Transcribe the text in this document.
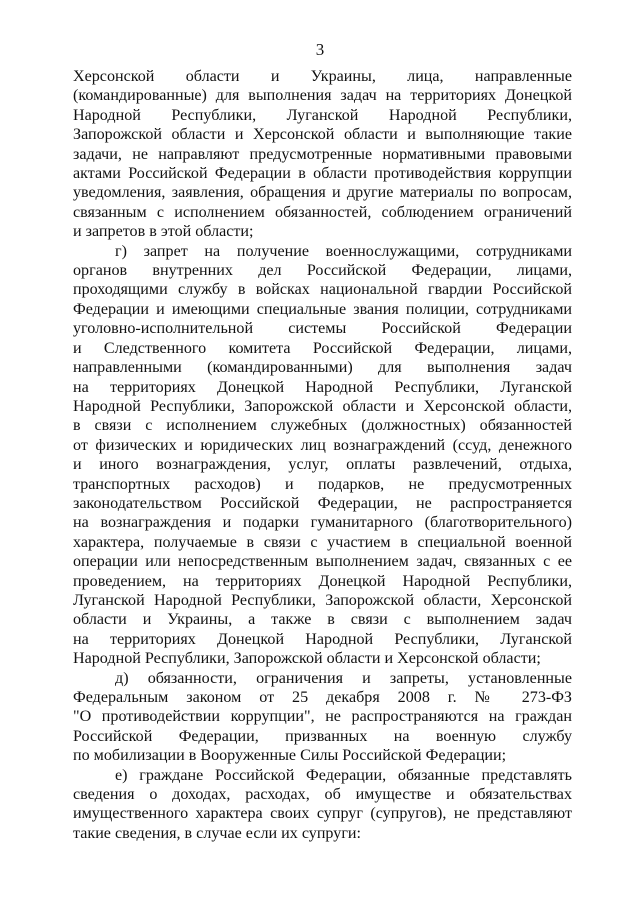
3
Херсонской области и Украины, лица, направленные
(командированные) для выполнения задач на территориях Донецкой
Народной Республики, Луганской Народной Республики,
Запорожской области и Херсонской области и выполняющие такие
задачи, не направляют предусмотренные нормативными правовыми
актами Российской Федерации в области противодействия коррупции
уведомления, заявления, обращения и другие материалы по вопросам,
связанным с исполнением обязанностей, соблюдением ограничений
и запретов в этой области;
г) запрет на получение военнослужащими, сотрудниками
органов внутренних дел Российской Федерации, лицами,
проходящими службу в войсках национальной гвардии Российской
Федерации и имеющими специальные звания полиции, сотрудниками
уголовно-исполнительной системы Российской Федерации
и Следственного комитета Российской Федерации, лицами,
направленными (командированными) для выполнения задач
на территориях Донецкой Народной Республики, Луганской
Народной Республики, Запорожской области и Херсонской области,
в связи с исполнением служебных (должностных) обязанностей
от физических и юридических лиц вознаграждений (ссуд, денежного
и иного вознаграждения, услуг, оплаты развлечений, отдыха,
транспортных расходов) и подарков, не предусмотренных
законодательством Российской Федерации, не распространяется
на вознаграждения и подарки гуманитарного (благотворительного)
характера, получаемые в связи с участием в специальной военной
операции или непосредственным выполнением задач, связанных с ее
проведением, на территориях Донецкой Народной Республики,
Луганской Народной Республики, Запорожской области, Херсонской
области и Украины, а также в связи с выполнением задач
на территориях Донецкой Народной Республики, Луганской
Народной Республики, Запорожской области и Херсонской области;
д) обязанности, ограничения и запреты, установленные
Федеральным законом от 25 декабря 2008 г. № 273-ФЗ
"О противодействии коррупции", не распространяются на граждан
Российской Федерации, призванных на военную службу
по мобилизации в Вооруженные Силы Российской Федерации;
е) граждане Российской Федерации, обязанные представлять
сведения о доходах, расходах, об имуществе и обязательствах
имущественного характера своих супруг (супругов), не представляют
такие сведения, в случае если их супруги:
